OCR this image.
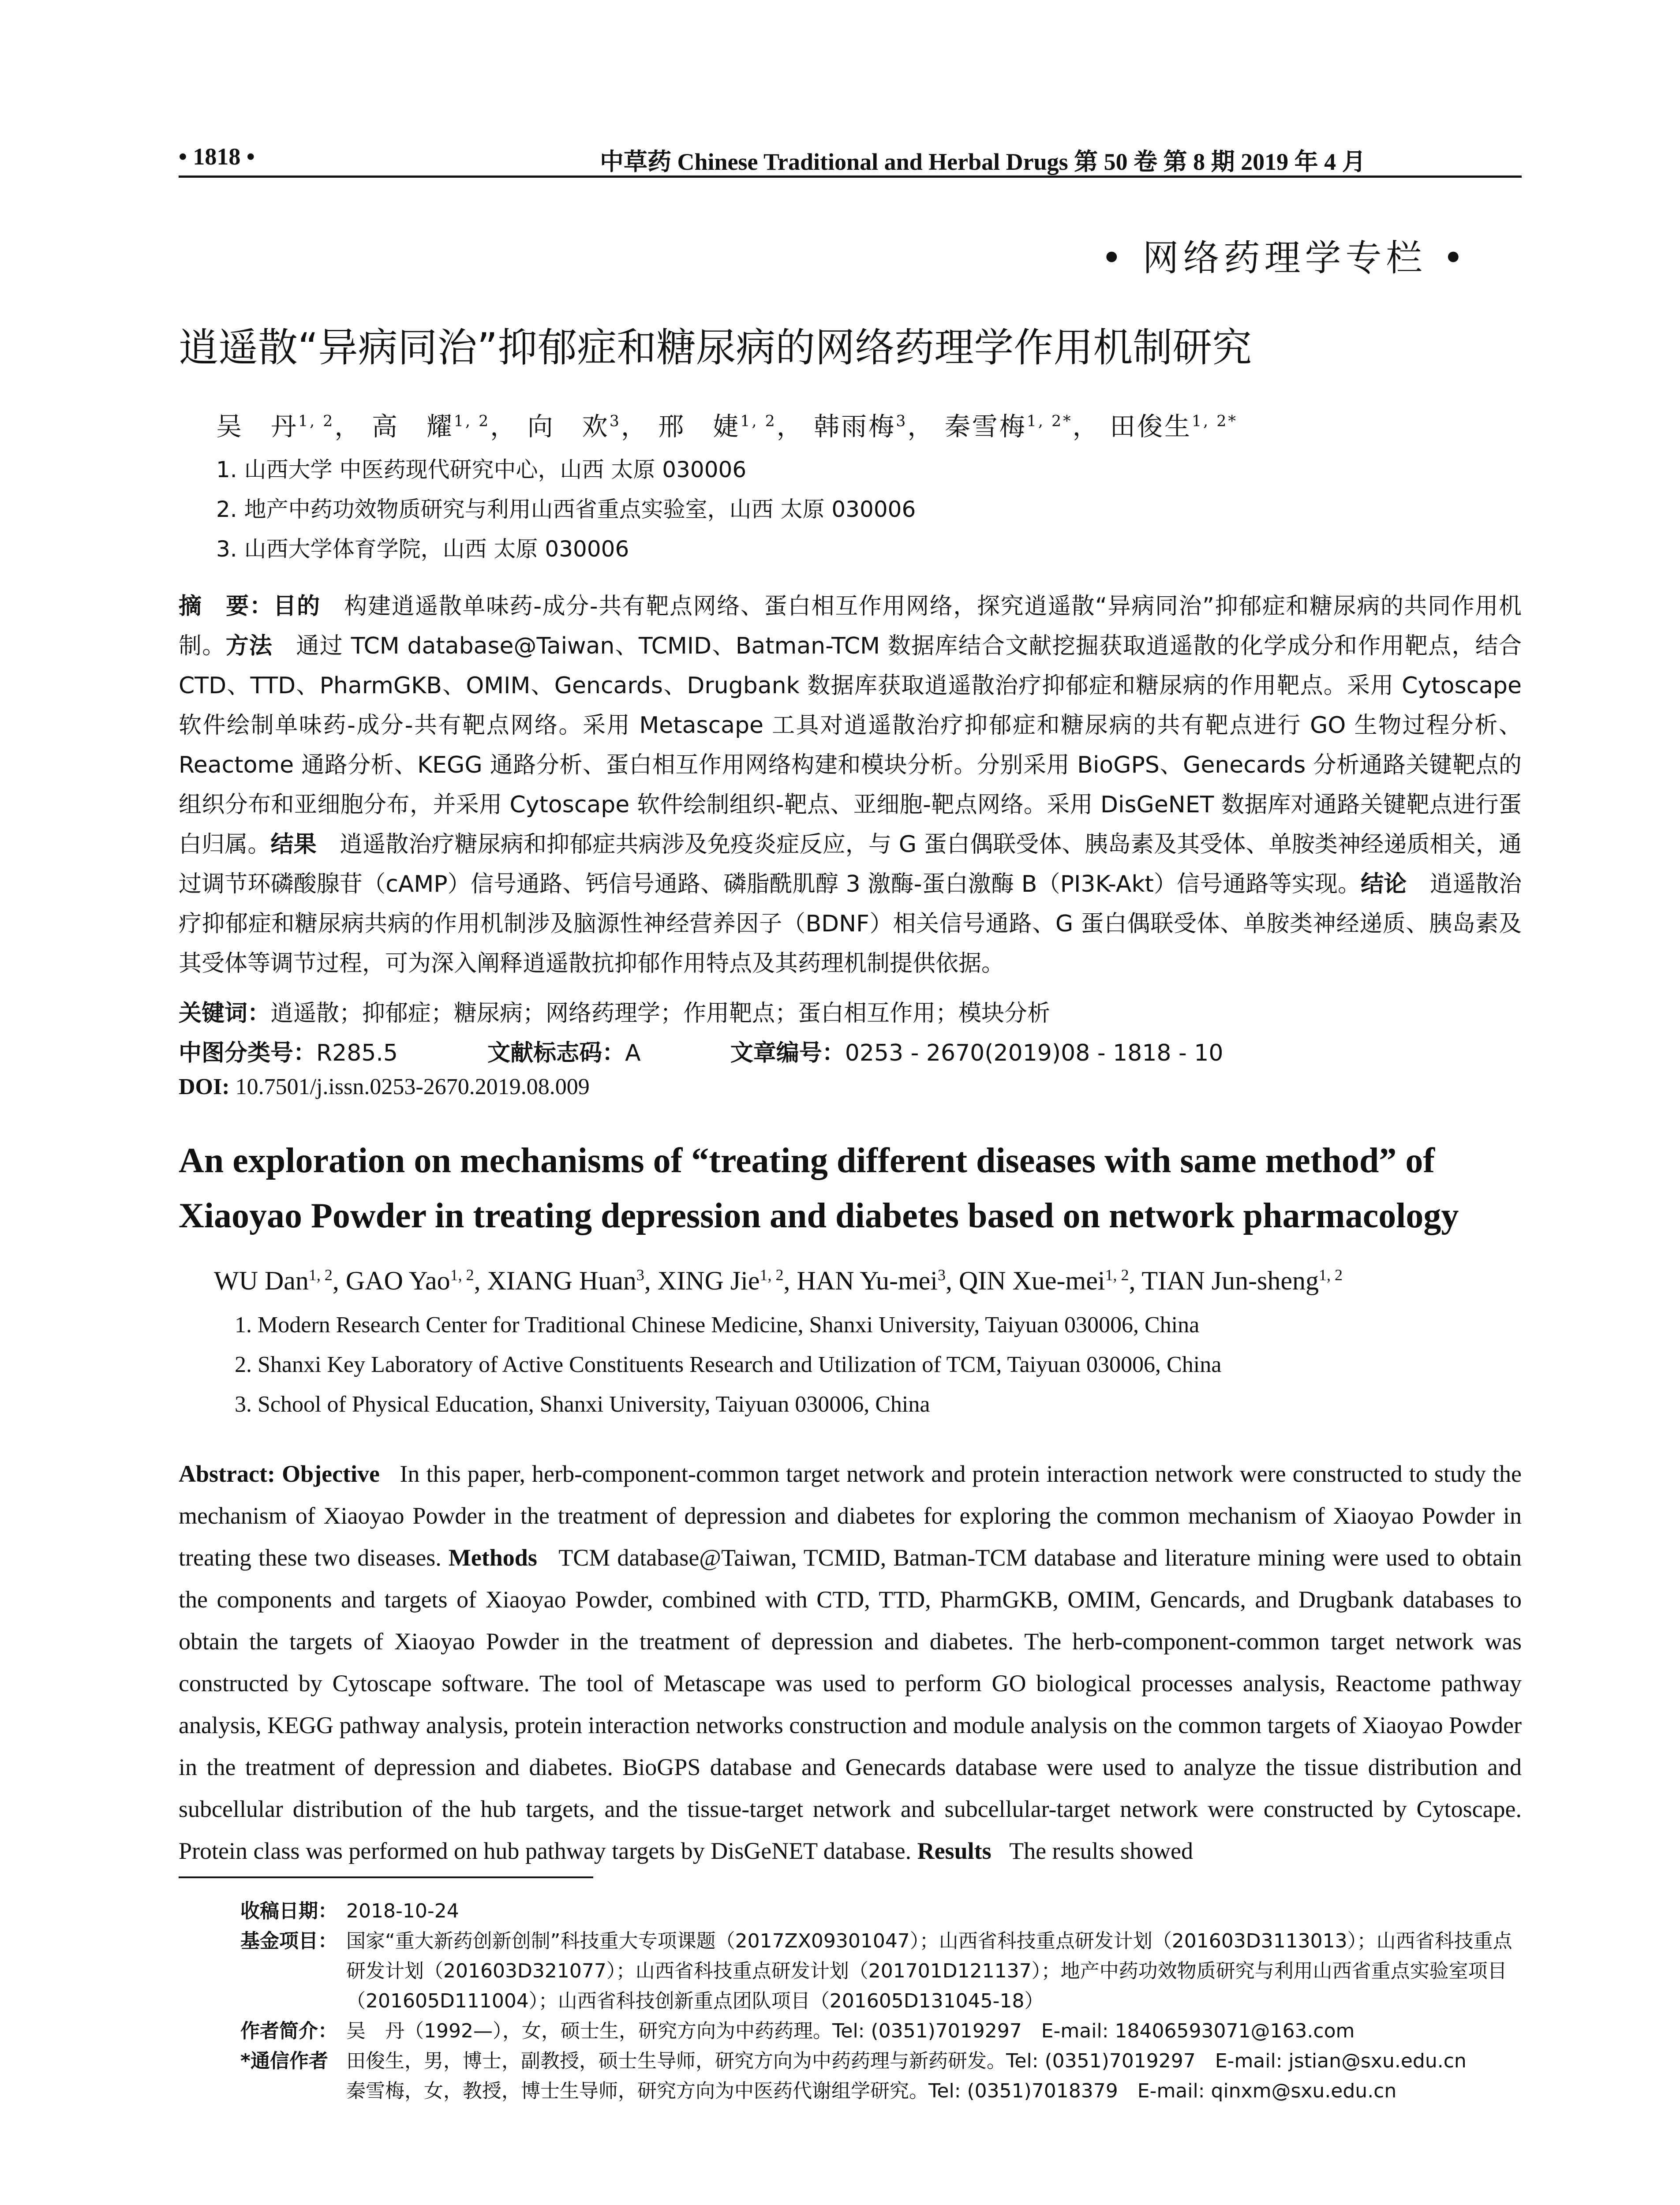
• 1818 •	中草药 Chinese Traditional and Herbal Drugs 第 50 卷 第 8 期 2019 年 4 月
• 网络药理学专栏 •
逍遥散“异病同治”抑郁症和糖尿病的网络药理学作用机制研究
吴　丹$^{1, 2}$， 高　耀$^{1, 2}$， 向　欢$^3$， 邢　婕$^{1, 2}$， 韩雨梅$^3$， 秦雪梅$^{1, 2*}$， 田俊生$^{1, 2*}$
1. 山西大学 中医药现代研究中心，山西 太原 030006
2. 地产中药功效物质研究与利用山西省重点实验室，山西 太原 030006
3. 山西大学体育学院，山西 太原 030006
摘　要：目的　 构建逍遥散单味药-成分-共有靶点网络、蛋白相互作用网络，探究逍遥散“异病同治”抑郁症和糖尿病的共同作用机制。方法　 通过 TCM database@Taiwan、TCMID、Batman-TCM 数据库结合文献挖掘获取逍遥散的化学成分和作用靶点，结合 CTD、TTD、PharmGKB、OMIM、Gencards、Drugbank 数据库获取逍遥散治疗抑郁症和糖尿病的作用靶点。采用 Cytoscape 软件绘制单味药-成分-共有靶点网络。采用 Metascape 工具对逍遥散治疗抑郁症和糖尿病的共有靶点进行 GO 生物过程分析、Reactome 通路分析、KEGG 通路分析、蛋白相互作用网络构建和模块分析。分别采用 BioGPS、Genecards 分析通路关键靶点的组织分布和亚细胞分布，并采用 Cytoscape 软件绘制组织-靶点、亚细胞-靶点网络。采用 DisGeNET 数据库对通路关键靶点进行蛋白归属。结果　 逍遥散治疗糖尿病和抑郁症共病涉及免疫炎症反应，与 G 蛋白偶联受体、胰岛素及其受体、单胺类神经递质相关，通过调节环磷酸腺苷（cAMP）信号通路、钙信号通路、磷脂酰肌醇 3 激酶-蛋白激酶 B（PI3K-Akt）信号通路等实现。结论　 逍遥散治疗抑郁症和糖尿病共病的作用机制涉及脑源性神经营养因子（BDNF）相关信号通路、G 蛋白偶联受体、单胺类神经递质、胰岛素及其受体等调节过程，可为深入阐释逍遥散抗抑郁作用特点及其药理机制提供依据。
关键词：逍遥散；抑郁症；糖尿病；网络药理学；作用靶点；蛋白相互作用；模块分析
中图分类号：R285.5	文献标志码：A	文章编号：0253 - 2670(2019)08 - 1818 - 10
DOI: 10.7501/j.issn.0253-2670.2019.08.009
An exploration on mechanisms of “treating different diseases with same method” of
Xiaoyao Powder in treating depression and diabetes based on network pharmacology
WU Dan$^{1, 2}$, GAO Yao$^{1, 2}$, XIANG Huan$^3$, XING Jie$^{1, 2}$, HAN Yu-mei$^3$, QIN Xue-mei$^{1, 2}$, TIAN Jun-sheng$^{1, 2}$
1. Modern Research Center for Traditional Chinese Medicine, Shanxi University, Taiyuan 030006, China
2. Shanxi Key Laboratory of Active Constituents Research and Utilization of TCM, Taiyuan 030006, China
3. School of Physical Education, Shanxi University, Taiyuan 030006, China
Abstract: Objective In this paper, herb-component-common target network and protein interaction network were constructed to study the mechanism of Xiaoyao Powder in the treatment of depression and diabetes for exploring the common mechanism of Xiaoyao Powder in treating these two diseases. Methods TCM database@Taiwan, TCMID, Batman-TCM database and literature mining were used to obtain the components and targets of Xiaoyao Powder, combined with CTD, TTD, PharmGKB, OMIM, Gencards, and Drugbank databases to obtain the targets of Xiaoyao Powder in the treatment of depression and diabetes. The herb-component-common target network was constructed by Cytoscape software. The tool of Metascape was used to perform GO biological processes analysis, Reactome pathway analysis, KEGG pathway analysis, protein interaction networks construction and module analysis on the common targets of Xiaoyao Powder in the treatment of depression and diabetes. BioGPS database and Genecards database were used to analyze the tissue distribution and subcellular distribution of the hub targets, and the tissue-target network and subcellular-target network were constructed by Cytoscape. Protein class was performed on hub pathway targets by DisGeNET database. Results The results showed
收稿日期： 2018-10-24
基金项目： 国家“重大新药创新创制”科技重大专项课题（2017ZX09301047）；山西省科技重点研发计划（201603D3113013）；山西省科技重点研发计划（201603D321077）；山西省科技重点研发计划（201701D121137）；地产中药功效物质研究与利用山西省重点实验室项目（201605D111004）；山西省科技创新重点团队项目（201605D131045-18）
作者简介： 吴　丹（1992—），女，硕士生，研究方向为中药药理。Tel: (0351)7019297　E-mail: 18406593071@163.com
*通信作者 田俊生，男，博士，副教授，硕士生导师，研究方向为中药药理与新药研发。Tel: (0351)7019297　E-mail: jstian@sxu.edu.cn
秦雪梅，女，教授，博士生导师，研究方向为中医药代谢组学研究。Tel: (0351)7018379　E-mail: qinxm@sxu.edu.cn
